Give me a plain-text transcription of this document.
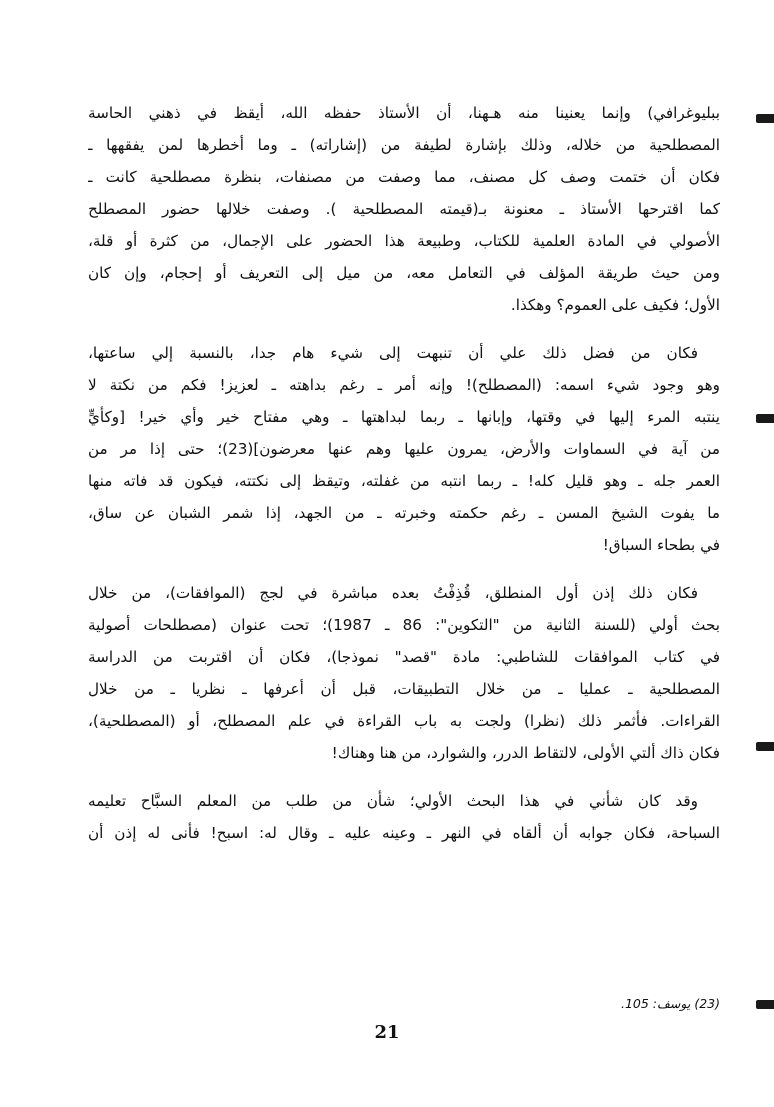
ببليوغرافي) وإنما يعنينا منه هـهنا، أن الأستاذ حفظه الله، أيقظ في ذهني الحاسة
المصطلحية من خلاله، وذلك بإشارة لطيفة من (إشاراته) ـ وما أخطرها لمن يفقهها ـ
فكان أن ختمت وصف كل مصنف، مما وصفت من مصنفات، بنظرة مصطلحية كانت ـ
كما اقترحها الأستاذ ـ معنونة بـ(قيمته المصطلحية ). وصفت خلالها حضور المصطلح
الأصولي في المادة العلمية للكتاب، وطبيعة هذا الحضور على الإجمال، من كثرة أو قلة،
ومن حيث طريقة المؤلف في التعامل معه، من ميل إلى التعريف أو إحجام، وإن كان
الأول؛ فكيف على العموم؟ وهكذا.
فكان من فضل ذلك علي أن تنبهت إلى شيء هام جدا، بالنسبة إلي ساعتها،
وهو وجود شيء اسمه: (المصطلح)! وإنه أمر ـ رغم بداهته ـ لعزيز! فكم من نكتة لا
ينتبه المرء إليها في وقتها، وإبانها ـ ربما لبداهتها ـ وهي مفتاح خير وأي خير! [وكأيٍّ
من آية في السماوات والأرض، يمرون عليها وهم عنها معرضون](23)؛ حتى إذا مر من
العمر جله ـ وهو قليل كله! ـ ربما انتبه من غفلته، وتيقظ إلى نكتته، فيكون قد فاته منها
ما يفوت الشيخ المسن ـ رغم حكمته وخبرته ـ من الجهد، إذا شمر الشبان عن ساق،
في بطحاء السباق!
فكان ذلك إذن أول المنطلق، قُذِفْتُ بعده مباشرة في لجج (الموافقات)، من خلال
بحث أولي (للسنة الثانية من "التكوين": 86 ـ 1987)؛ تحت عنوان (مصطلحات أصولية
في كتاب الموافقات للشاطبي: مادة "قصد" نموذجا)، فكان أن اقتربت من الدراسة
المصطلحية ـ عمليا ـ من خلال التطبيقات، قبل أن أعرفها ـ نظريا ـ من خلال
القراءات. فأثمر ذلك (نظرا) ولجت به باب القراءة في علم المصطلح، أو (المصطلحية)،
فكان ذاك ألتي الأولى، لالتقاط الدرر، والشوارد، من هنا وهناك!
وقد كان شأني في هذا البحث الأولي؛ شأن من طلب من المعلم السبَّاح تعليمه
السباحة، فكان جوابه أن ألقاه في النهر ـ وعينه عليه ـ وقال له: اسبح! فأنى له إذن أن
(23) يوسف: 105.
21
